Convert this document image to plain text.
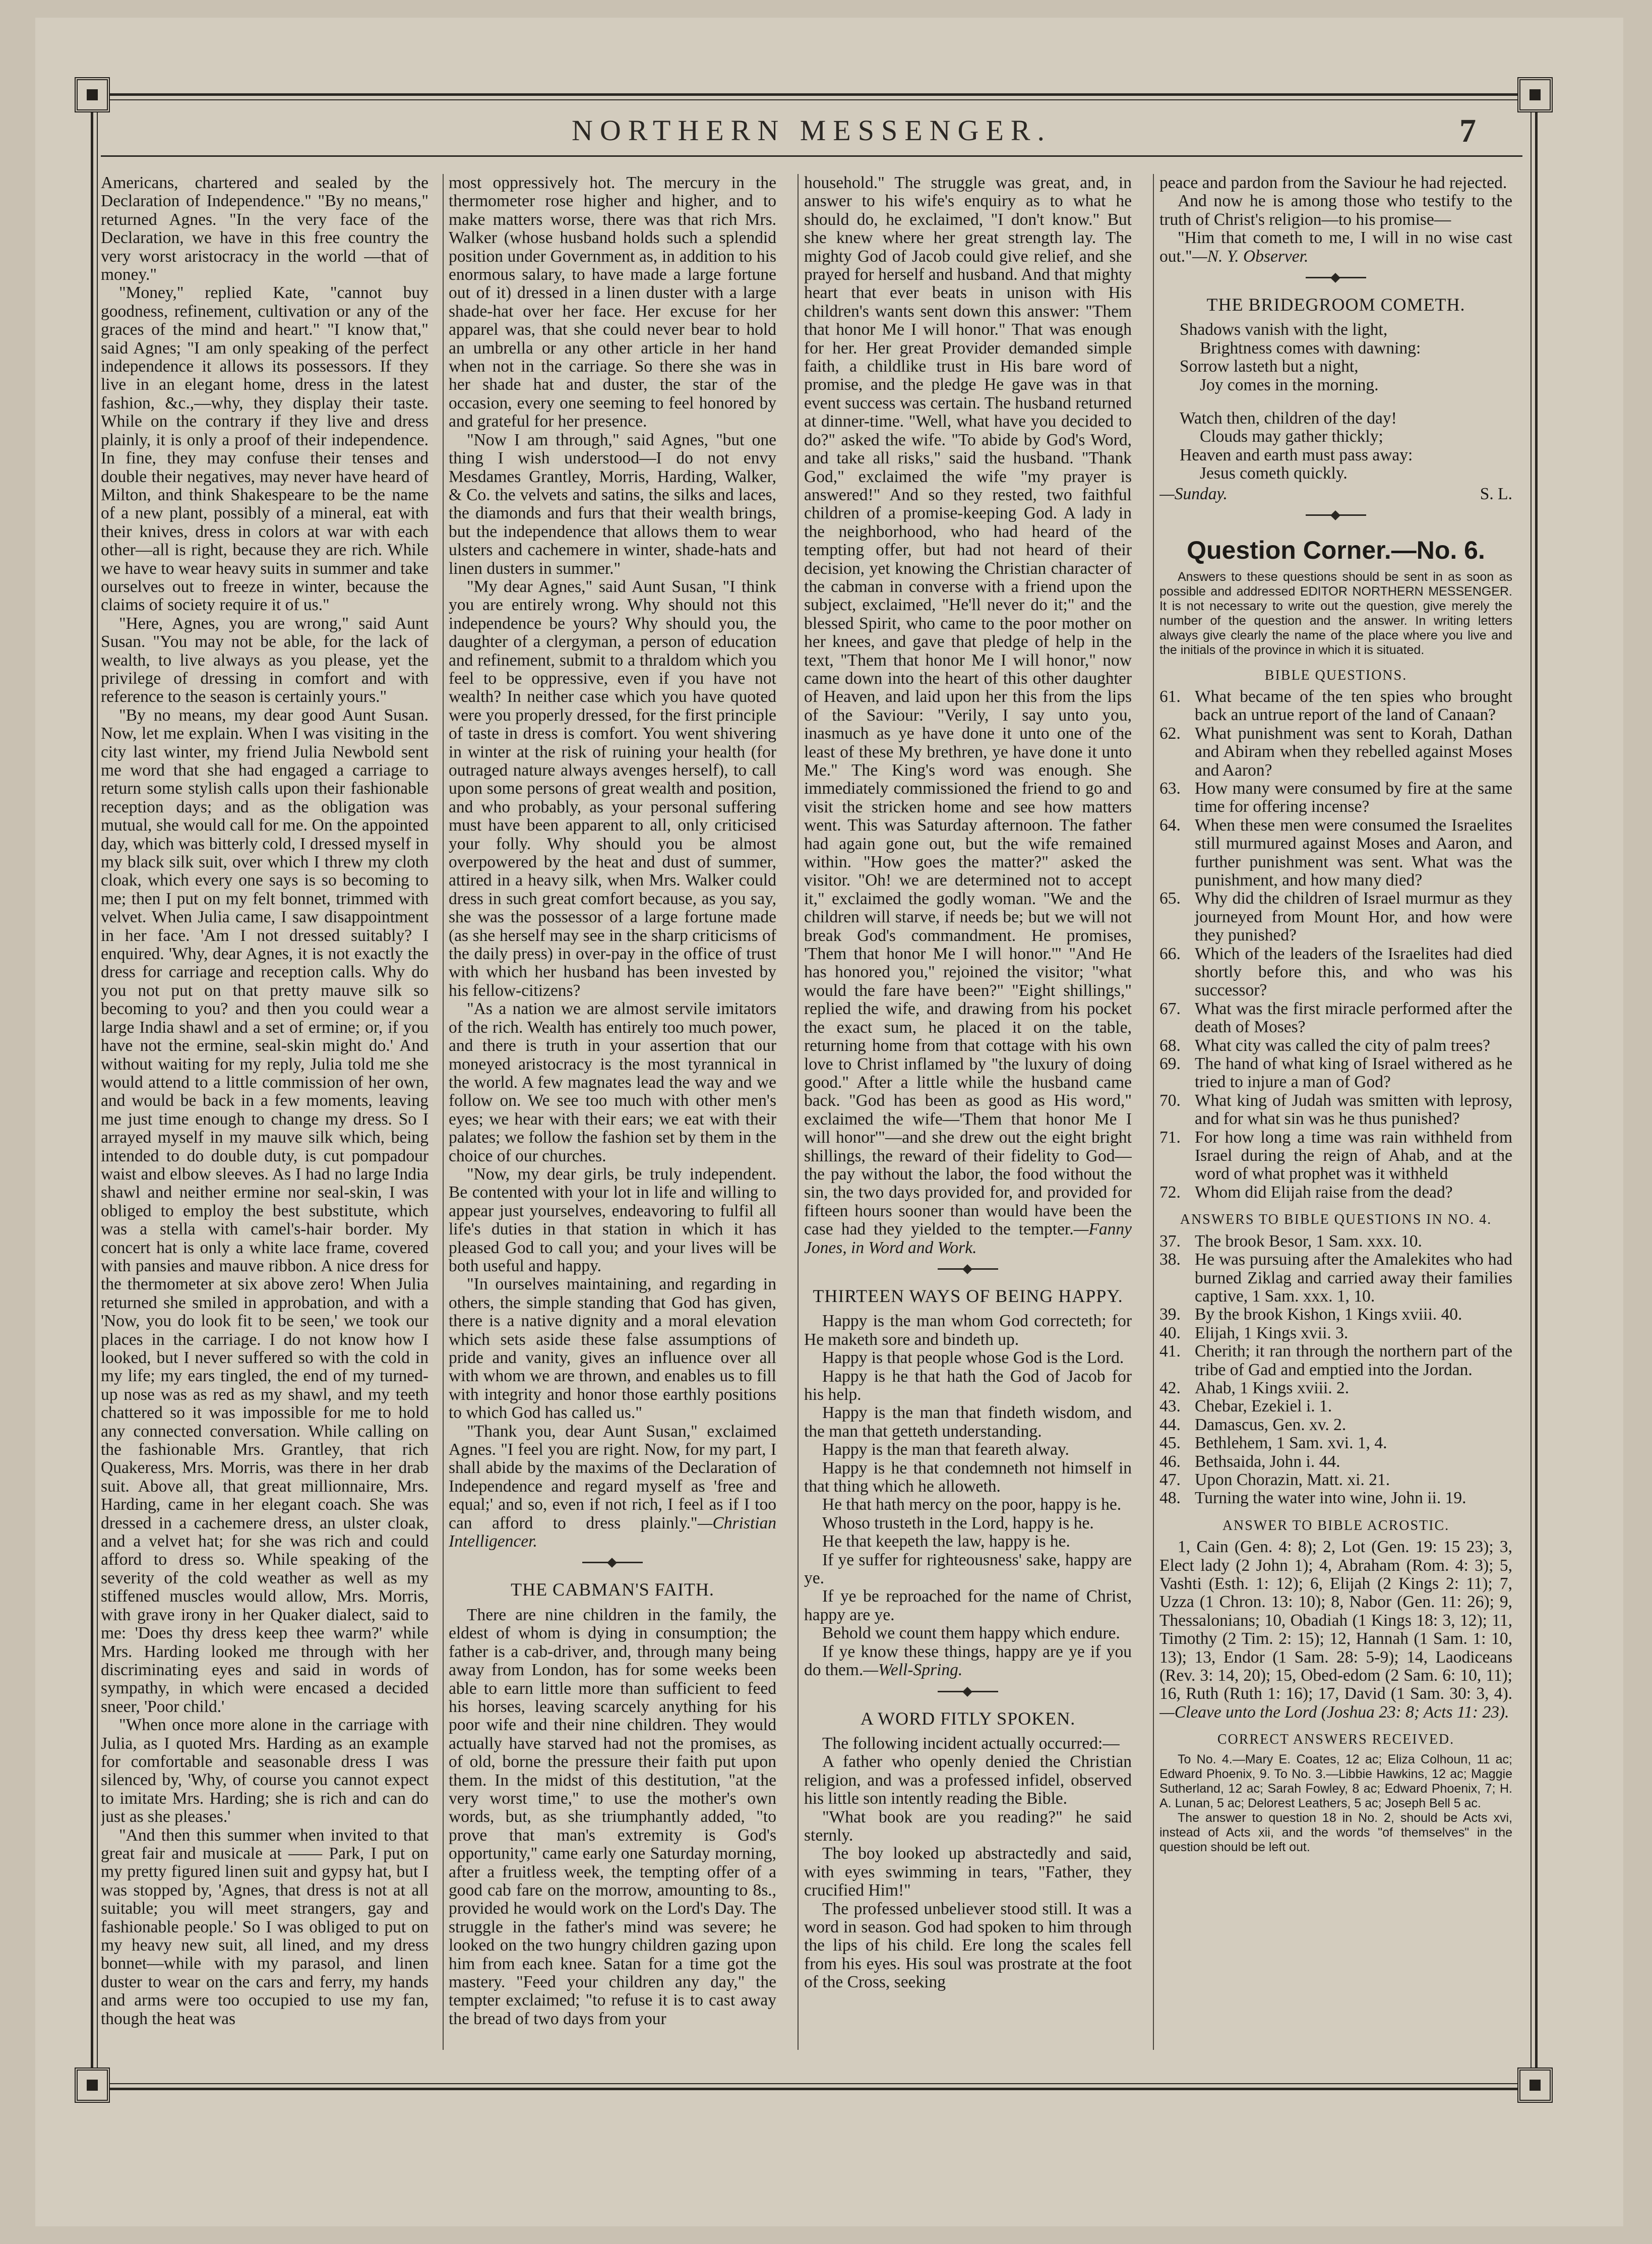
NORTHERN MESSENGER.	7

Americans, chartered and sealed by the Declaration of Independence." "By no means," returned Agnes. "In the very face of the Declaration, we have in this free country the very worst aristocracy in the world —that of money."

"Money," replied Kate, "cannot buy goodness, refinement, cultivation or any of the graces of the mind and heart." "I know that," said Agnes; "I am only speaking of the perfect independence it allows its possessors. If they live in an elegant home, dress in the latest fashion, &c.,—why, they display their taste. While on the contrary if they live and dress plainly, it is only a proof of their independence. In fine, they may confuse their tenses and double their negatives, may never have heard of Milton, and think Shakespeare to be the name of a new plant, possibly of a mineral, eat with their knives, dress in colors at war with each other—all is right, because they are rich. While we have to wear heavy suits in summer and take ourselves out to freeze in winter, because the claims of society require it of us."

"Here, Agnes, you are wrong," said Aunt Susan. "You may not be able, for the lack of wealth, to live always as you please, yet the privilege of dressing in comfort and with reference to the season is certainly yours."

"By no means, my dear good Aunt Susan. Now, let me explain. When I was visiting in the city last winter, my friend Julia Newbold sent me word that she had engaged a carriage to return some stylish calls upon their fashionable reception days; and as the obligation was mutual, she would call for me. On the appointed day, which was bitterly cold, I dressed myself in my black silk suit, over which I threw my cloth cloak, which every one says is so becoming to me; then I put on my felt bonnet, trimmed with velvet. When Julia came, I saw disappointment in her face. 'Am I not dressed suitably? I enquired. 'Why, dear Agnes, it is not exactly the dress for carriage and reception calls. Why do you not put on that pretty mauve silk so becoming to you? and then you could wear a large India shawl and a set of ermine; or, if you have not the ermine, seal-skin might do.' And without waiting for my reply, Julia told me she would attend to a little commission of her own, and would be back in a few moments, leaving me just time enough to change my dress. So I arrayed myself in my mauve silk which, being intended to do double duty, is cut pompadour waist and elbow sleeves. As I had no large India shawl and neither ermine nor seal-skin, I was obliged to employ the best substitute, which was a stella with camel's-hair border. My concert hat is only a white lace frame, covered with pansies and mauve ribbon. A nice dress for the thermometer at six above zero! When Julia returned she smiled in approbation, and with a 'Now, you do look fit to be seen,' we took our places in the carriage. I do not know how I looked, but I never suffered so with the cold in my life; my ears tingled, the end of my turned-up nose was as red as my shawl, and my teeth chattered so it was impossible for me to hold any connected conversation. While calling on the fashionable Mrs. Grantley, that rich Quakeress, Mrs. Morris, was there in her drab suit. Above all, that great millionnaire, Mrs. Harding, came in her elegant coach. She was dressed in a cachemere dress, an ulster cloak, and a velvet hat; for she was rich and could afford to dress so. While speaking of the severity of the cold weather as well as my stiffened muscles would allow, Mrs. Morris, with grave irony in her Quaker dialect, said to me: 'Does thy dress keep thee warm?' while Mrs. Harding looked me through with her discriminating eyes and said in words of sympathy, in which were encased a decided sneer, 'Poor child.'

"When once more alone in the carriage with Julia, as I quoted Mrs. Harding as an example for comfortable and seasonable dress I was silenced by, 'Why, of course you cannot expect to imitate Mrs. Harding; she is rich and can do just as she pleases.'

"And then this summer when invited to that great fair and musicale at —— Park, I put on my pretty figured linen suit and gypsy hat, but I was stopped by, 'Agnes, that dress is not at all suitable; you will meet strangers, gay and fashionable people.' So I was obliged to put on my heavy new suit, all lined, and my dress bonnet—while with my parasol, and linen duster to wear on the cars and ferry, my hands and arms were too occupied to use my fan, though the heat was

most oppressively hot. The mercury in the thermometer rose higher and higher, and to make matters worse, there was that rich Mrs. Walker (whose husband holds such a splendid position under Government as, in addition to his enormous salary, to have made a large fortune out of it) dressed in a linen duster with a large shade-hat over her face. Her excuse for her apparel was, that she could never bear to hold an umbrella or any other article in her hand when not in the carriage. So there she was in her shade hat and duster, the star of the occasion, every one seeming to feel honored by and grateful for her presence.

"Now I am through," said Agnes, "but one thing I wish understood—I do not envy Mesdames Grantley, Morris, Harding, Walker, & Co. the velvets and satins, the silks and laces, the diamonds and furs that their wealth brings, but the independence that allows them to wear ulsters and cachemere in winter, shade-hats and linen dusters in summer."

"My dear Agnes," said Aunt Susan, "I think you are entirely wrong. Why should not this independence be yours? Why should you, the daughter of a clergyman, a person of education and refinement, submit to a thraldom which you feel to be oppressive, even if you have not wealth? In neither case which you have quoted were you properly dressed, for the first principle of taste in dress is comfort. You went shivering in winter at the risk of ruining your health (for outraged nature always avenges herself), to call upon some persons of great wealth and position, and who probably, as your personal suffering must have been apparent to all, only criticised your folly. Why should you be almost overpowered by the heat and dust of summer, attired in a heavy silk, when Mrs. Walker could dress in such great comfort because, as you say, she was the possessor of a large fortune made (as she herself may see in the sharp criticisms of the daily press) in over-pay in the office of trust with which her husband has been invested by his fellow-citizens?

"As a nation we are almost servile imitators of the rich. Wealth has entirely too much power, and there is truth in your assertion that our moneyed aristocracy is the most tyrannical in the world. A few magnates lead the way and we follow on. We see too much with other men's eyes; we hear with their ears; we eat with their palates; we follow the fashion set by them in the choice of our churches.

"Now, my dear girls, be truly independent. Be contented with your lot in life and willing to appear just yourselves, endeavoring to fulfil all life's duties in that station in which it has pleased God to call you; and your lives will be both useful and happy.

"In ourselves maintaining, and regarding in others, the simple standing that God has given, there is a native dignity and a moral elevation which sets aside these false assumptions of pride and vanity, gives an influence over all with whom we are thrown, and enables us to fill with integrity and honor those earthly positions to which God has called us."

"Thank you, dear Aunt Susan," exclaimed Agnes. "I feel you are right. Now, for my part, I shall abide by the maxims of the Declaration of Independence and regard myself as 'free and equal;' and so, even if not rich, I feel as if I too can afford to dress plainly."—Christian Intelligencer.

THE CABMAN'S FAITH.

There are nine children in the family, the eldest of whom is dying in consumption; the father is a cab-driver, and, through many being away from London, has for some weeks been able to earn little more than sufficient to feed his horses, leaving scarcely anything for his poor wife and their nine children. They would actually have starved had not the promises, as of old, borne the pressure their faith put upon them. In the midst of this destitution, "at the very worst time," to use the mother's own words, but, as she triumphantly added, "to prove that man's extremity is God's opportunity," came early one Saturday morning, after a fruitless week, the tempting offer of a good cab fare on the morrow, amounting to 8s., provided he would work on the Lord's Day. The struggle in the father's mind was severe; he looked on the two hungry children gazing upon him from each knee. Satan for a time got the mastery. "Feed your children any day," the tempter exclaimed; "to refuse it is to cast away the bread of two days from your

household." The struggle was great, and, in answer to his wife's enquiry as to what he should do, he exclaimed, "I don't know." But she knew where her great strength lay. The mighty God of Jacob could give relief, and she prayed for herself and husband. And that mighty heart that ever beats in unison with His children's wants sent down this answer: "Them that honor Me I will honor." That was enough for her. Her great Provider demanded simple faith, a childlike trust in His bare word of promise, and the pledge He gave was in that event success was certain. The husband returned at dinner-time. "Well, what have you decided to do?" asked the wife. "To abide by God's Word, and take all risks," said the husband. "Thank God," exclaimed the wife "my prayer is answered!" And so they rested, two faithful children of a promise-keeping God. A lady in the neighborhood, who had heard of the tempting offer, but had not heard of their decision, yet knowing the Christian character of the cabman in converse with a friend upon the subject, exclaimed, "He'll never do it;" and the blessed Spirit, who came to the poor mother on her knees, and gave that pledge of help in the text, "Them that honor Me I will honor," now came down into the heart of this other daughter of Heaven, and laid upon her this from the lips of the Saviour: "Verily, I say unto you, inasmuch as ye have done it unto one of the least of these My brethren, ye have done it unto Me." The King's word was enough. She immediately commissioned the friend to go and visit the stricken home and see how matters went. This was Saturday afternoon. The father had again gone out, but the wife remained within. "How goes the matter?" asked the visitor. "Oh! we are determined not to accept it," exclaimed the godly woman. "We and the children will starve, if needs be; but we will not break God's commandment. He promises, 'Them that honor Me I will honor.'" "And He has honored you," rejoined the visitor; "what would the fare have been?" "Eight shillings," replied the wife, and drawing from his pocket the exact sum, he placed it on the table, returning home from that cottage with his own love to Christ inflamed by "the luxury of doing good." After a little while the husband came back. "God has been as good as His word," exclaimed the wife—'Them that honor Me I will honor'"—and she drew out the eight bright shillings, the reward of their fidelity to God—the pay without the labor, the food without the sin, the two days provided for, and provided for fifteen hours sooner than would have been the case had they yielded to the tempter.—Fanny Jones, in Word and Work.

THIRTEEN WAYS OF BEING HAPPY.

Happy is the man whom God correcteth; for He maketh sore and bindeth up.

Happy is that people whose God is the Lord.

Happy is he that hath the God of Jacob for his help.

Happy is the man that findeth wisdom, and the man that getteth understanding.

Happy is the man that feareth alway.

Happy is he that condemneth not himself in that thing which he alloweth.

He that hath mercy on the poor, happy is he.

Whoso trusteth in the Lord, happy is he.

He that keepeth the law, happy is he.

If ye suffer for righteousness' sake, happy are ye.

If ye be reproached for the name of Christ, happy are ye.

Behold we count them happy which endure.

If ye know these things, happy are ye if you do them.—Well-Spring.

A WORD FITLY SPOKEN.

The following incident actually occurred:—

A father who openly denied the Christian religion, and was a professed infidel, observed his little son intently reading the Bible.

"What book are you reading?" he said sternly.

The boy looked up abstractedly and said, with eyes swimming in tears, "Father, they crucified Him!"

The professed unbeliever stood still. It was a word in season. God had spoken to him through the lips of his child. Ere long the scales fell from his eyes. His soul was prostrate at the foot of the Cross, seeking

peace and pardon from the Saviour he had rejected.

And now he is among those who testify to the truth of Christ's religion—to his promise—

"Him that cometh to me, I will in no wise cast out."—N. Y. Observer.

THE BRIDEGROOM COMETH.

Shadows vanish with the light,

Brightness comes with dawning:

Sorrow lasteth but a night,

Joy comes in the morning.

Watch then, children of the day!

Clouds may gather thickly;

Heaven and earth must pass away:

Jesus cometh quickly.

—Sunday.	S. L.
Question Corner.—No. 6.

Answers to these questions should be sent in as soon as possible and addressed EDITOR NORTHERN MESSENGER. It is not necessary to write out the question, give merely the number of the question and the answer. In writing letters always give clearly the name of the place where you live and the initials of the province in which it is situated.

BIBLE QUESTIONS.
61. What became of the ten spies who brought back an untrue report of the land of Canaan?
62. What punishment was sent to Korah, Dathan and Abiram when they rebelled against Moses and Aaron?
63. How many were consumed by fire at the same time for offering incense?
64. When these men were consumed the Israelites still murmured against Moses and Aaron, and further punishment was sent. What was the punishment, and how many died?
65. Why did the children of Israel murmur as they journeyed from Mount Hor, and how were they punished?
66. Which of the leaders of the Israelites had died shortly before this, and who was his successor?
67. What was the first miracle performed after the death of Moses?
68. What city was called the city of palm trees?
69. The hand of what king of Israel withered as he tried to injure a man of God?
70. What king of Judah was smitten with leprosy, and for what sin was he thus punished?
71. For how long a time was rain withheld from Israel during the reign of Ahab, and at the word of what prophet was it withheld
72. Whom did Elijah raise from the dead?
ANSWERS TO BIBLE QUESTIONS IN NO. 4.
37. The brook Besor, 1 Sam. xxx. 10.
38. He was pursuing after the Amalekites who had burned Ziklag and carried away their families captive, 1 Sam. xxx. 1, 10.
39. By the brook Kishon, 1 Kings xviii. 40.
40. Elijah, 1 Kings xvii. 3.
41. Cherith; it ran through the northern part of the tribe of Gad and emptied into the Jordan.
42. Ahab, 1 Kings xviii. 2.
43. Chebar, Ezekiel i. 1.
44. Damascus, Gen. xv. 2.
45. Bethlehem, 1 Sam. xvi. 1, 4.
46. Bethsaida, John i. 44.
47. Upon Chorazin, Matt. xi. 21.
48. Turning the water into wine, John ii. 19.
ANSWER TO BIBLE ACROSTIC.

1, Cain (Gen. 4: 8); 2, Lot (Gen. 19: 15 23); 3, Elect lady (2 John 1); 4, Abraham (Rom. 4: 3); 5, Vashti (Esth. 1: 12); 6, Elijah (2 Kings 2: 11); 7, Uzza (1 Chron. 13: 10); 8, Nabor (Gen. 11: 26); 9, Thessalonians; 10, Obadiah (1 Kings 18: 3, 12); 11, Timothy (2 Tim. 2: 15); 12, Hannah (1 Sam. 1: 10, 13); 13, Endor (1 Sam. 28: 5-9); 14, Laodiceans (Rev. 3: 14, 20); 15, Obed-edom (2 Sam. 6: 10, 11); 16, Ruth (Ruth 1: 16); 17, David (1 Sam. 30: 3, 4).—Cleave unto the Lord (Joshua 23: 8; Acts 11: 23).

CORRECT ANSWERS RECEIVED.

To No. 4.—Mary E. Coates, 12 ac; Eliza Colhoun, 11 ac; Edward Phoenix, 9. To No. 3.—Libbie Hawkins, 12 ac; Maggie Sutherland, 12 ac; Sarah Fowley, 8 ac; Edward Phoenix, 7; H. A. Lunan, 5 ac; Delorest Leathers, 5 ac; Joseph Bell 5 ac.

The answer to question 18 in No. 2, should be Acts xvi, instead of Acts xii, and the words "of themselves" in the question should be left out.
